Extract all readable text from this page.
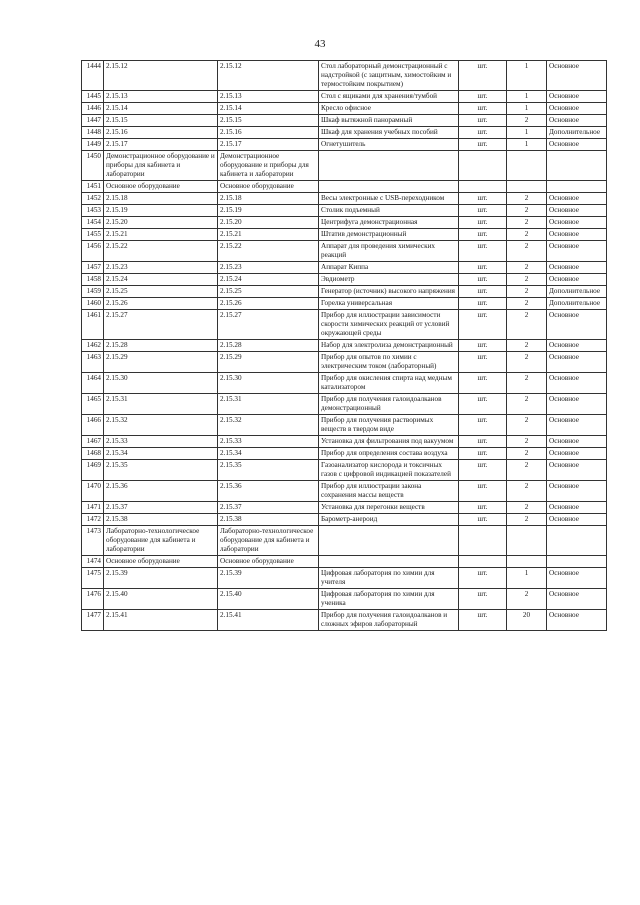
43
1444	2.15.12	2.15.12	Стол лабораторный демонстрационный с надстройкой (с защитным, химостойким и термостойким покрытием)	шт.	1	Основное
1445	2.15.13	2.15.13	Стол с ящиками для хранения/тумбой	шт.	1	Основное
1446	2.15.14	2.15.14	Кресло офисное	шт.	1	Основное
1447	2.15.15	2.15.15	Шкаф вытяжной панорамный	шт.	2	Основное
1448	2.15.16	2.15.16	Шкаф для хранения учебных пособий	шт.	1	Дополнительное
1449	2.15.17	2.15.17	Огнетушитель	шт.	1	Основное
1450	Демонстрационное оборудование и приборы для кабинета и лаборатории	Демонстрационное оборудование и приборы для кабинета и лаборатории				
1451	Основное оборудование	Основное оборудование				
1452	2.15.18	2.15.18	Весы электронные с USB-переходником	шт.	2	Основное
1453	2.15.19	2.15.19	Столик подъемный	шт.	2	Основное
1454	2.15.20	2.15.20	Центрифуга демонстрационная	шт.	2	Основное
1455	2.15.21	2.15.21	Штатив демонстрационный	шт.	2	Основное
1456	2.15.22	2.15.22	Аппарат для проведения химических реакций	шт.	2	Основное
1457	2.15.23	2.15.23	Аппарат Киппа	шт.	2	Основное
1458	2.15.24	2.15.24	Эвдиометр	шт.	2	Основное
1459	2.15.25	2.15.25	Генератор (источник) высокого напряжения	шт.	2	Дополнительное
1460	2.15.26	2.15.26	Горелка универсальная	шт.	2	Дополнительное
1461	2.15.27	2.15.27	Прибор для иллюстрации зависимости скорости химических реакций от условий окружающей среды	шт.	2	Основное
1462	2.15.28	2.15.28	Набор для электролиза демонстрационный	шт.	2	Основное
1463	2.15.29	2.15.29	Прибор для опытов по химии с электрическим током (лабораторный)	шт.	2	Основное
1464	2.15.30	2.15.30	Прибор для окисления спирта над медным катализатором	шт.	2	Основное
1465	2.15.31	2.15.31	Прибор для получения галоидоалканов демонстрационный	шт.	2	Основное
1466	2.15.32	2.15.32	Прибор для получения растворимых веществ в твердом виде	шт.	2	Основное
1467	2.15.33	2.15.33	Установка для фильтрования под вакуумом	шт.	2	Основное
1468	2.15.34	2.15.34	Прибор для определения состава воздуха	шт.	2	Основное
1469	2.15.35	2.15.35	Газоанализатор кислорода и токсичных газов с цифровой индикацией показателей	шт.	2	Основное
1470	2.15.36	2.15.36	Прибор для иллюстрации закона сохранения массы веществ	шт.	2	Основное
1471	2.15.37	2.15.37	Установка для перегонки веществ	шт.	2	Основное
1472	2.15.38	2.15.38	Барометр-анероид	шт.	2	Основное
1473	Лабораторно-технологическое оборудование для кабинета и лаборатории	Лабораторно-технологическое оборудование для кабинета и лаборатории				
1474	Основное оборудование	Основное оборудование				
1475	2.15.39	2.15.39	Цифровая лаборатория по химии для учителя	шт.	1	Основное
1476	2.15.40	2.15.40	Цифровая лаборатория по химии для ученика	шт.	2	Основное
1477	2.15.41	2.15.41	Прибор для получения галоидоалканов и сложных эфиров лабораторный	шт.	20	Основное
